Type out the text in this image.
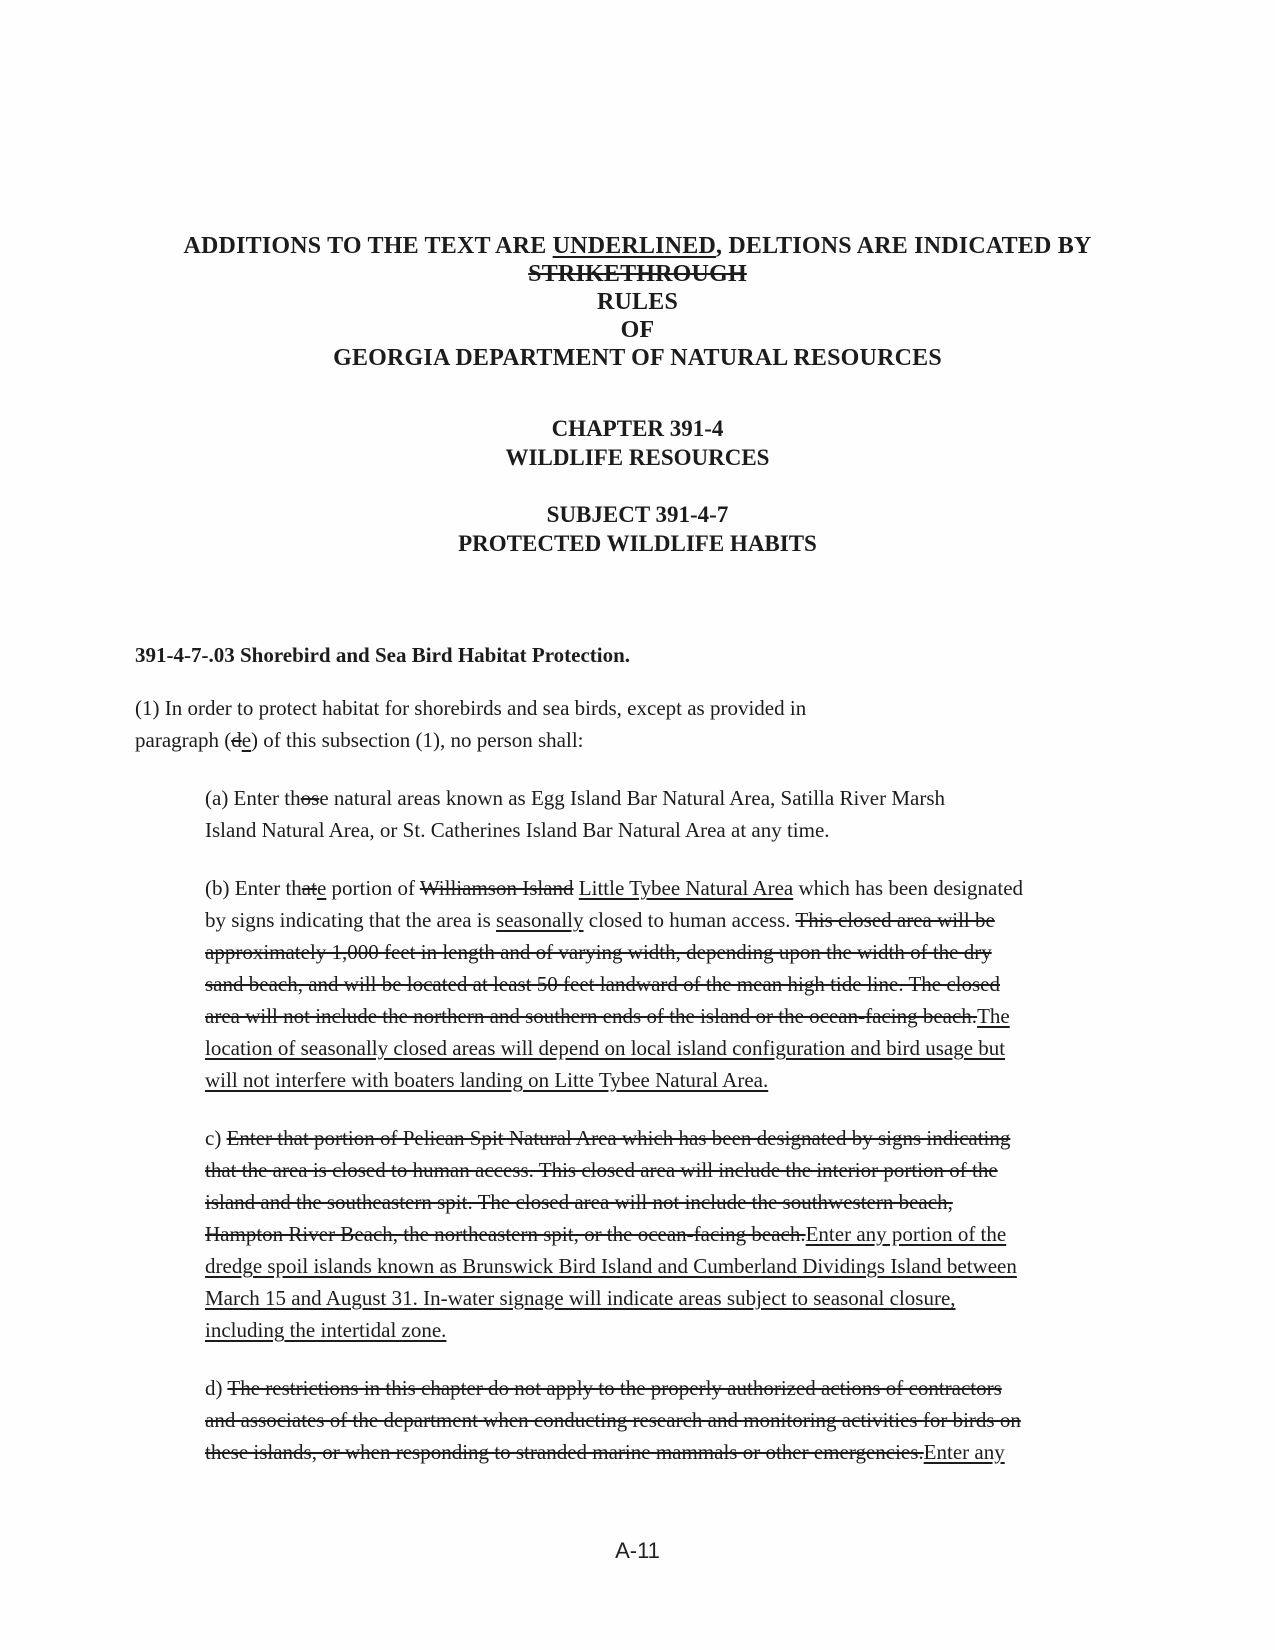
ADDITIONS TO THE TEXT ARE UNDERLINED, DELTIONS ARE INDICATED BY
STRIKETHROUGH
RULES
OF
GEORGIA DEPARTMENT OF NATURAL RESOURCES
CHAPTER 391-4
WILDLIFE RESOURCES
SUBJECT 391-4-7
PROTECTED WILDLIFE HABITS
391-4-7-.03 Shorebird and Sea Bird Habitat Protection.
(1) In order to protect habitat for shorebirds and sea birds, except as provided in
paragraph (de) of this subsection (1), no person shall:
(a) Enter those natural areas known as Egg Island Bar Natural Area, Satilla River Marsh
Island Natural Area, or St. Catherines Island Bar Natural Area at any time.
(b) Enter thate portion of Williamson Island Little Tybee Natural Area which has been designated
by signs indicating that the area is seasonally closed to human access. This closed area will be
approximately 1,000 feet in length and of varying width, depending upon the width of the dry
sand beach, and will be located at least 50 feet landward of the mean high tide line. The closed
area will not include the northern and southern ends of the island or the ocean-facing beach.The
location of seasonally closed areas will depend on local island configuration and bird usage but
will not interfere with boaters landing on Litte Tybee Natural Area.
c) Enter that portion of Pelican Spit Natural Area which has been designated by signs indicating
that the area is closed to human access. This closed area will include the interior portion of the
island and the southeastern spit. The closed area will not include the southwestern beach,
Hampton River Beach, the northeastern spit, or the ocean-facing beach.Enter any portion of the
dredge spoil islands known as Brunswick Bird Island and Cumberland Dividings Island between
March 15 and August 31. In-water signage will indicate areas subject to seasonal closure,
including the intertidal zone.
d) The restrictions in this chapter do not apply to the properly authorized actions of contractors
and associates of the department when conducting research and monitoring activities for birds on
these islands, or when responding to stranded marine mammals or other emergencies.Enter any
A-11
